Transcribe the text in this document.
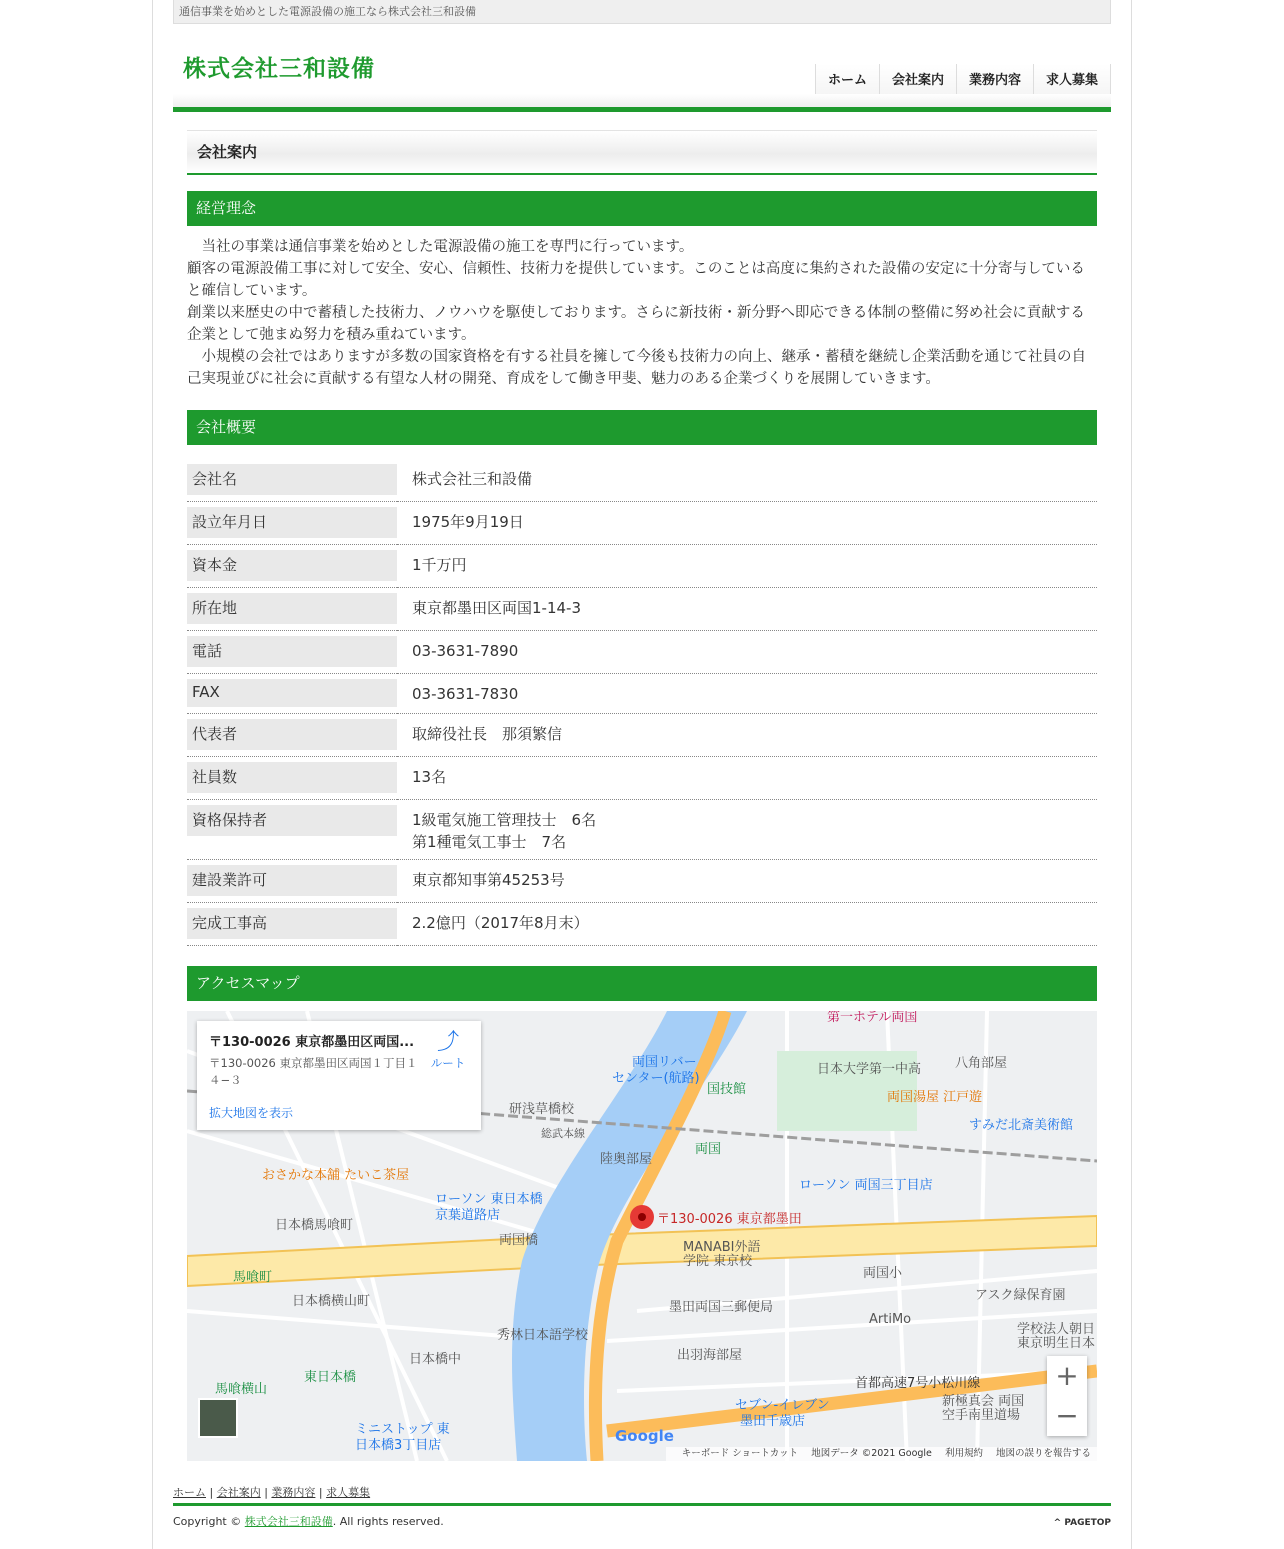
通信事業を始めとした電源設備の施工なら株式会社三和設備
株式会社三和設備	ホーム	会社案内	業務内容	求人募集
会社案内
経営理念
　当社の事業は通信事業を始めとした電源設備の施工を専門に行っています。
顧客の電源設備工事に対して安全、安心、信頼性、技術力を提供しています。このことは高度に集約された設備の安定に十分寄与していると確信しています。
創業以来歴史の中で蓄積した技術力、ノウハウを駆使しております。さらに新技術・新分野へ即応できる体制の整備に努め社会に貢献する企業として弛まぬ努力を積み重ねています。
　小規模の会社ではありますが多数の国家資格を有する社員を擁して今後も技術力の向上、継承・蓄積を継続し企業活動を通じて社員の自己実現並びに社会に貢献する有望な人材の開発、育成をして働き甲斐、魅力のある企業づくりを展開していきます。
会社概要
会社名	株式会社三和設備

設立年月日	1975年9月19日

資本金	1千万円

所在地	東京都墨田区両国1-14-3

電話	03-3631-7890

FAX	03-3631-7830

代表者	取締役社長　那須繁信

社員数	13名

資格保持者	1級電気施工管理技士　6名
第1種電気工事士　7名

建設業許可	東京都知事第45253号

完成工事高	2.2億円（2017年8月末）
アクセスマップ
〒130-0026 東京都墨田
おさかな本舗 たいこ茶屋
ローソン 東日本橋
京葉道路店
両国リバー
センター(航路)
国技館
日本大学第一中高
両国湯屋 江戸遊
すみだ北斎美術館
ローソン 両国三丁目店
MANABI外語
学院 東京校
墨田両国三郵便局
出羽海部屋
秀林日本語学校
日本橋馬喰町
日本橋横山町
馬喰町
東日本橋	首都高速7号小松川線
セブン-イレブン
墨田千歳店
陸奥部屋
両国
総武本線
両国橋
第一ホテル両国
八角部屋
ArtiMo
アスク緑保育園
ミニストップ 東
日本橋3丁目店
日本橋中
馬喰横山
新極真会 両国
空手南里道場
両国小
研浅草橋校
学校法人朝日
東京明生日本
Google
〒130-0026 東京都墨田区両国...
〒130-0026 東京都墨田区両国１丁目１４−３
拡大地図を表示
⤴
ルート
+
−
キーボード ショートカット 地図データ ©2021 Google 利用規約 地図の誤りを報告する
ホーム | 会社案内 | 業務内容 | 求人募集
Copyright © 株式会社三和設備. All rights reserved.	^ PAGETOP
